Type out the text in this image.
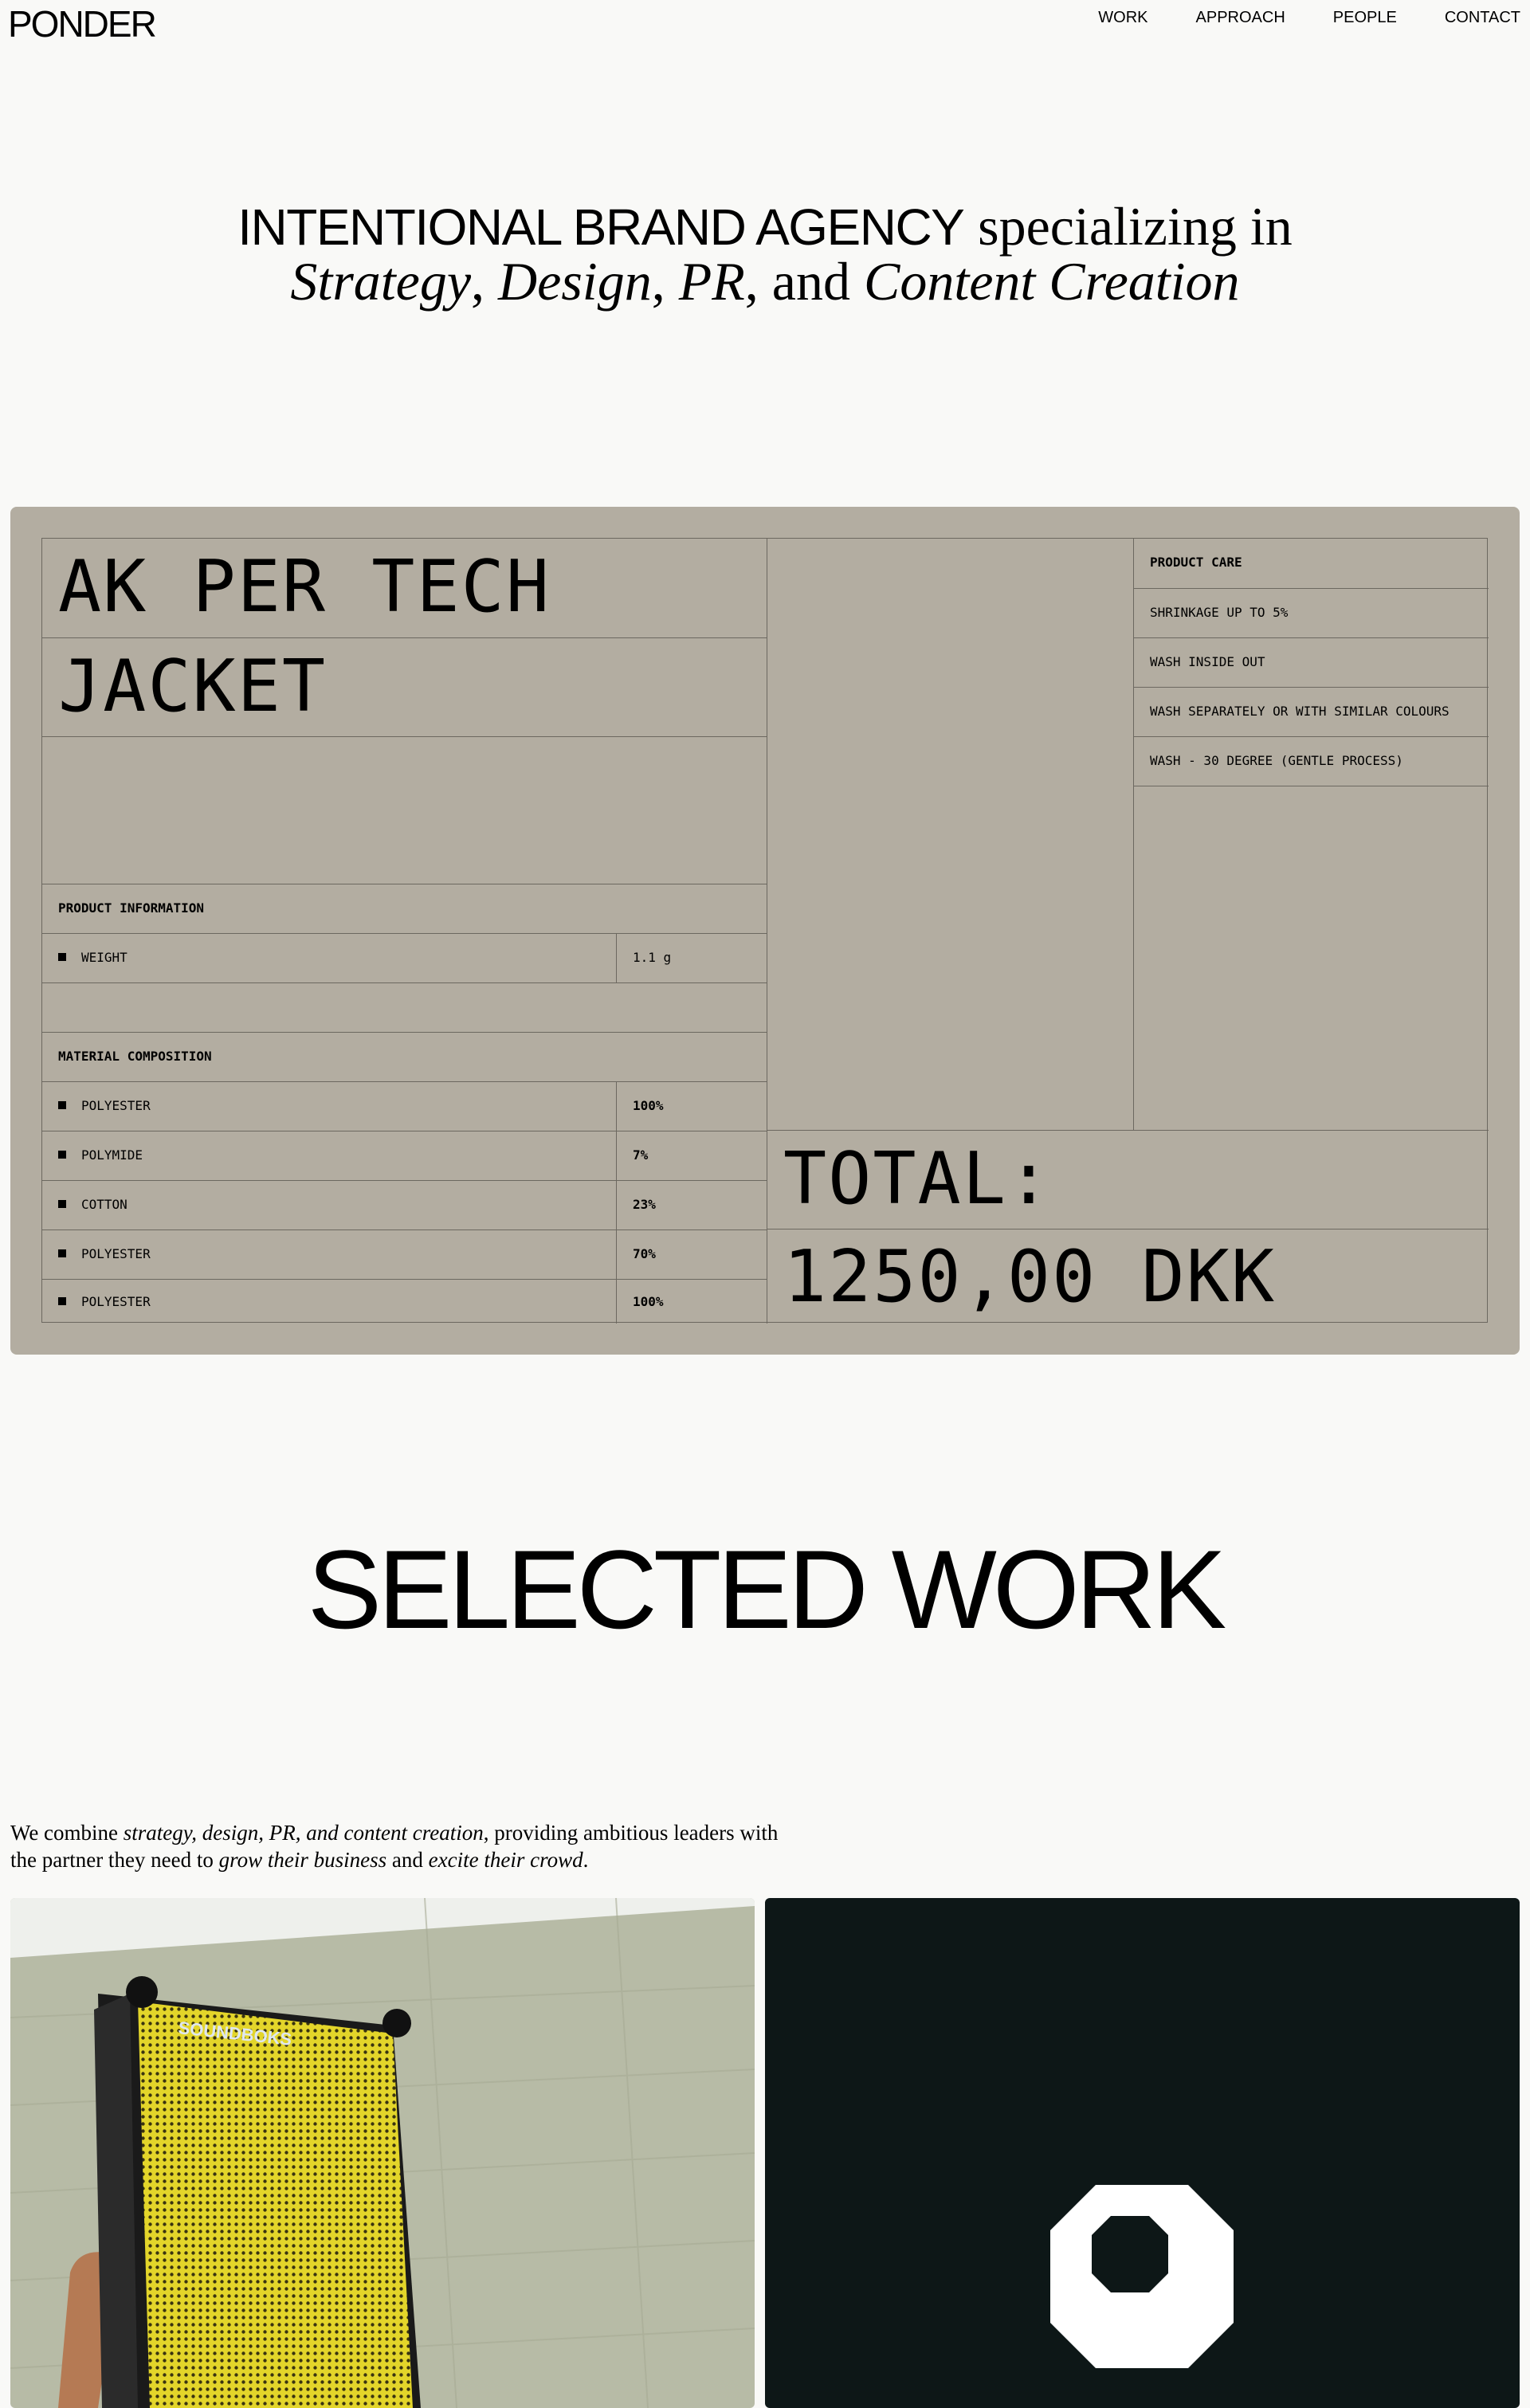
PONDER	WORK	APPROACH	PEOPLE	CONTACT
INTENTIONAL BRAND AGENCY specializing in
Strategy, Design, PR, and Content Creation
AK PER TECH
JACKET
PRODUCT INFORMATION
WEIGHT	1.1 g
MATERIAL COMPOSITION
POLYESTER	100%
POLYMIDE	7%
COTTON	23%
POLYESTER	70%
POLYESTER	100%
PRODUCT CARE
SHRINKAGE UP TO 5%
WASH INSIDE OUT
WASH SEPARATELY OR WITH SIMILAR COLOURS
WASH - 30 DEGREE (GENTLE PROCESS)
TOTAL:
1250,00 DKK
SELECTED WORK
We combine strategy, design, PR, and content creation, providing ambitious leaders with the partner they need to grow their business and excite their crowd.
SOUNDBOKS
